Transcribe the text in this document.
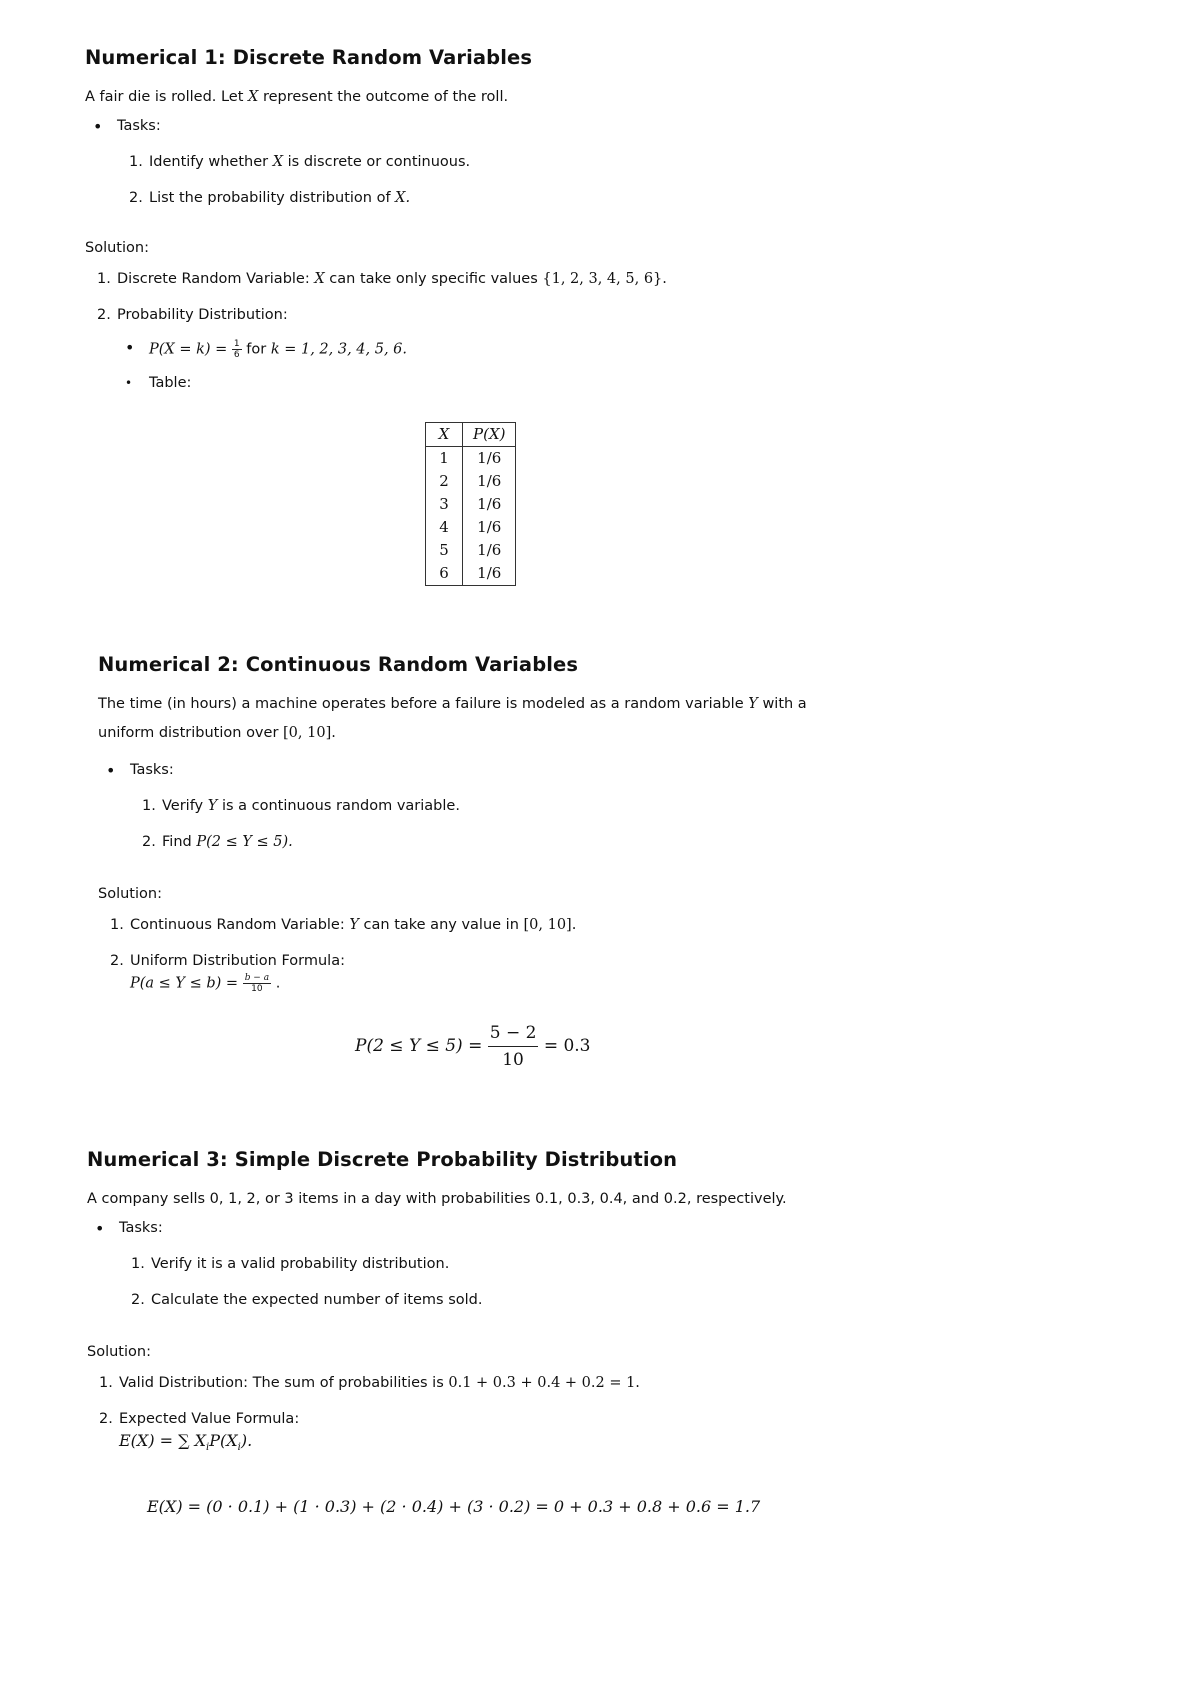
Numerical 1: Discrete Random Variables

A fair die is rolled. Let X represent the outcome of the roll.

• Tasks:
1. Identify whether X is discrete or continuous.
2. List the probability distribution of X.

Solution:

1. Discrete Random Variable: X can take only specific values {1, 2, 3, 4, 5, 6}.
2. Probability Distribution:
• $P(X = k) = \frac{1}{6}$ for k = 1, 2, 3, 4, 5, 6.
• Table:
X	P(X)
1	1/6
2	1/6
3	1/6
4	1/6
5	1/6
6	1/6
Numerical 2: Continuous Random Variables

The time (in hours) a machine operates before a failure is modeled as a random variable Y with a
uniform distribution over [0, 10].

• Tasks:
1. Verify Y is a continuous random variable.
2. Find P(2 ≤ Y ≤ 5).

Solution:

1. Continuous Random Variable: Y can take any value in [0, 10].
2. Uniform Distribution Formula:
$P(a \le Y \le b) = \frac{b - a}{10}$ .
$P(2 \le Y \le 5) = \frac{5 - 2}{10} = 0.3$
Numerical 3: Simple Discrete Probability Distribution

A company sells 0, 1, 2, or 3 items in a day with probabilities 0.1, 0.3, 0.4, and 0.2, respectively.

• Tasks:
1. Verify it is a valid probability distribution.
2. Calculate the expected number of items sold.

Solution:

1. Valid Distribution: The sum of probabilities is 0.1 + 0.3 + 0.4 + 0.2 = 1.
2. Expected Value Formula:
E(X) = ∑ $X_iP(X_i)$.
E(X) = (0 · 0.1) + (1 · 0.3) + (2 · 0.4) + (3 · 0.2) = 0 + 0.3 + 0.8 + 0.6 = 1.7
